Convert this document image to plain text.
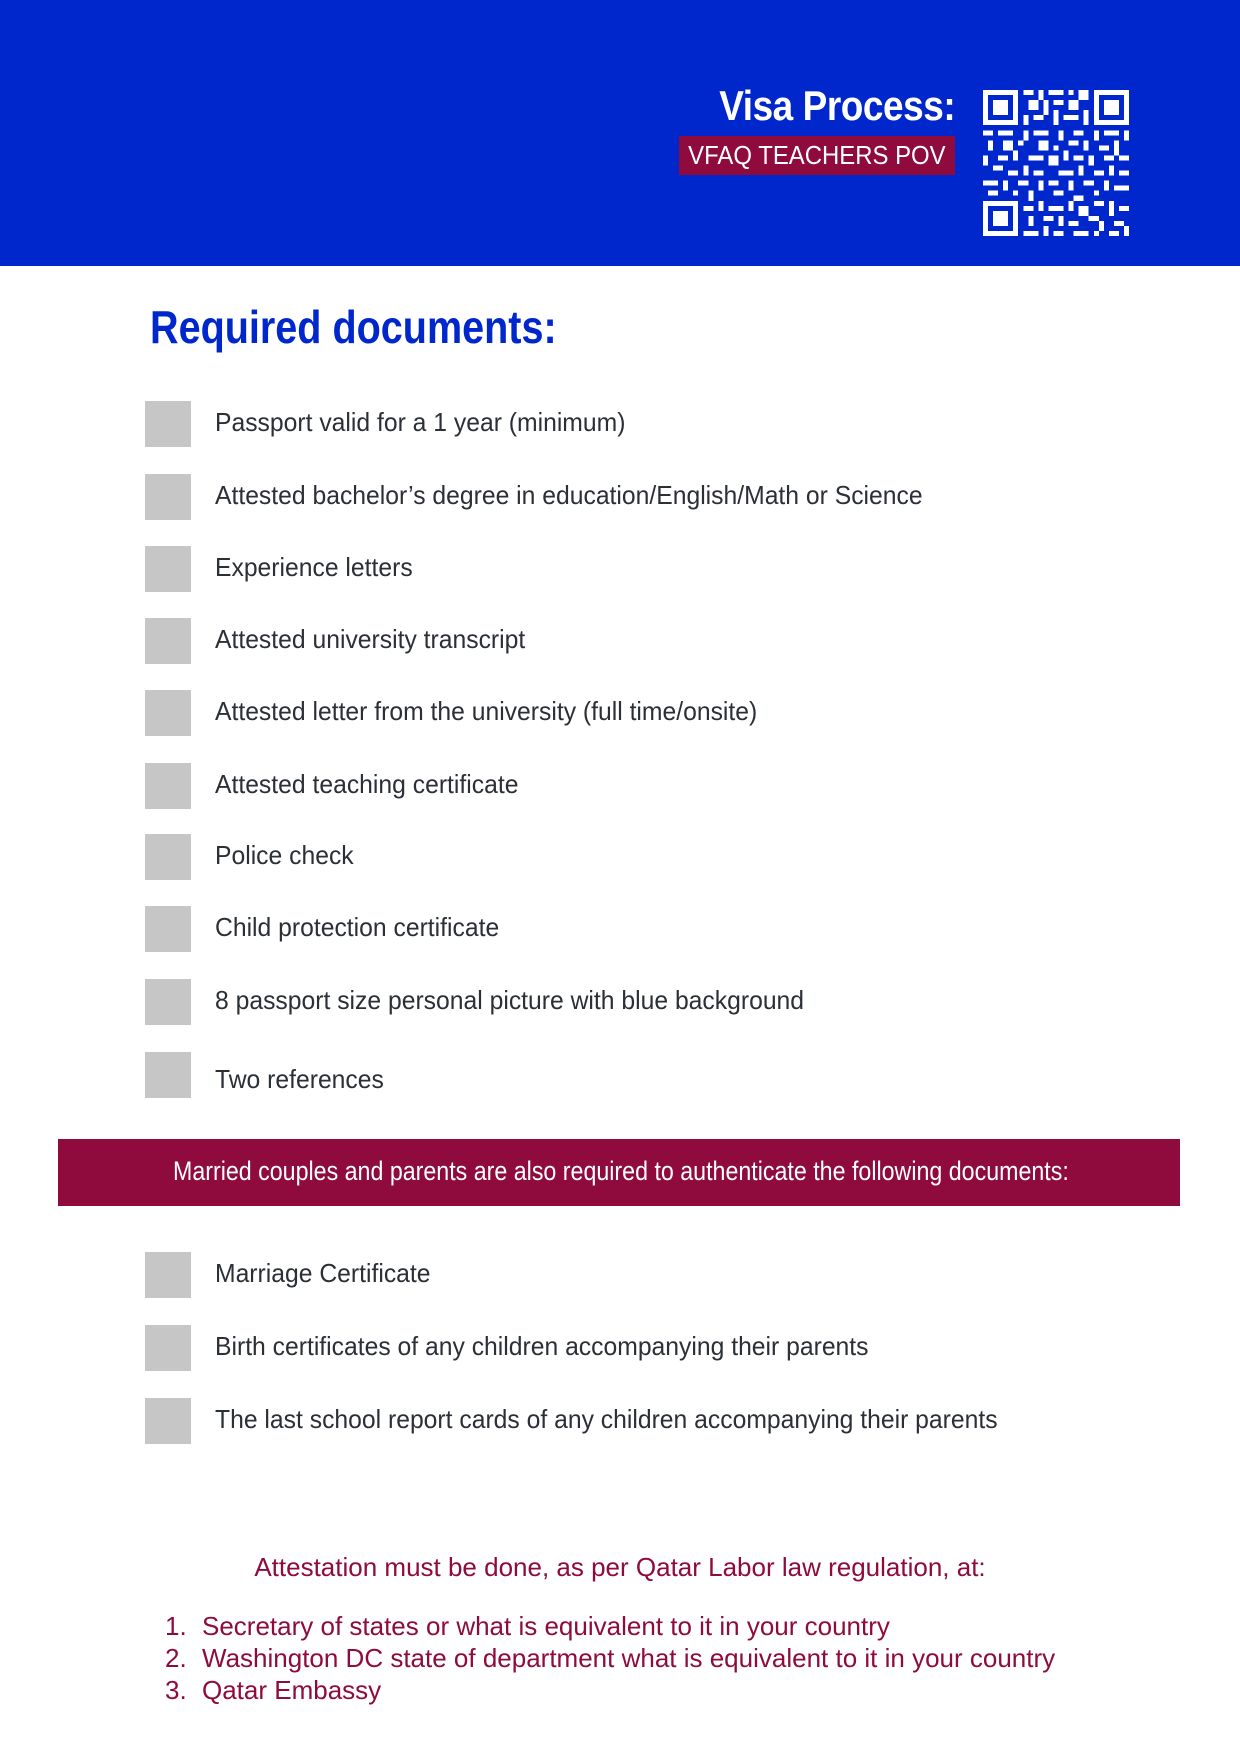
Visa Process:
VFAQ TEACHERS POV
Required documents:
Passport valid for a 1 year (minimum)
Attested bachelor’s degree in education/English/Math or Science
Experience letters
Attested university transcript
Attested letter from the university (full time/onsite)
Attested teaching certificate
Police check
Child protection certificate
8 passport size personal picture with blue background
Two references
Married couples and parents are also required to authenticate the following documents:
Marriage Certificate
Birth certificates of any children accompanying their parents
The last school report cards of any children accompanying their parents
Attestation must be done, as per Qatar Labor law regulation, at:
1. Secretary of states or what is equivalent to it in your country
2. Washington DC state of department what is equivalent to it in your country
3. Qatar Embassy
